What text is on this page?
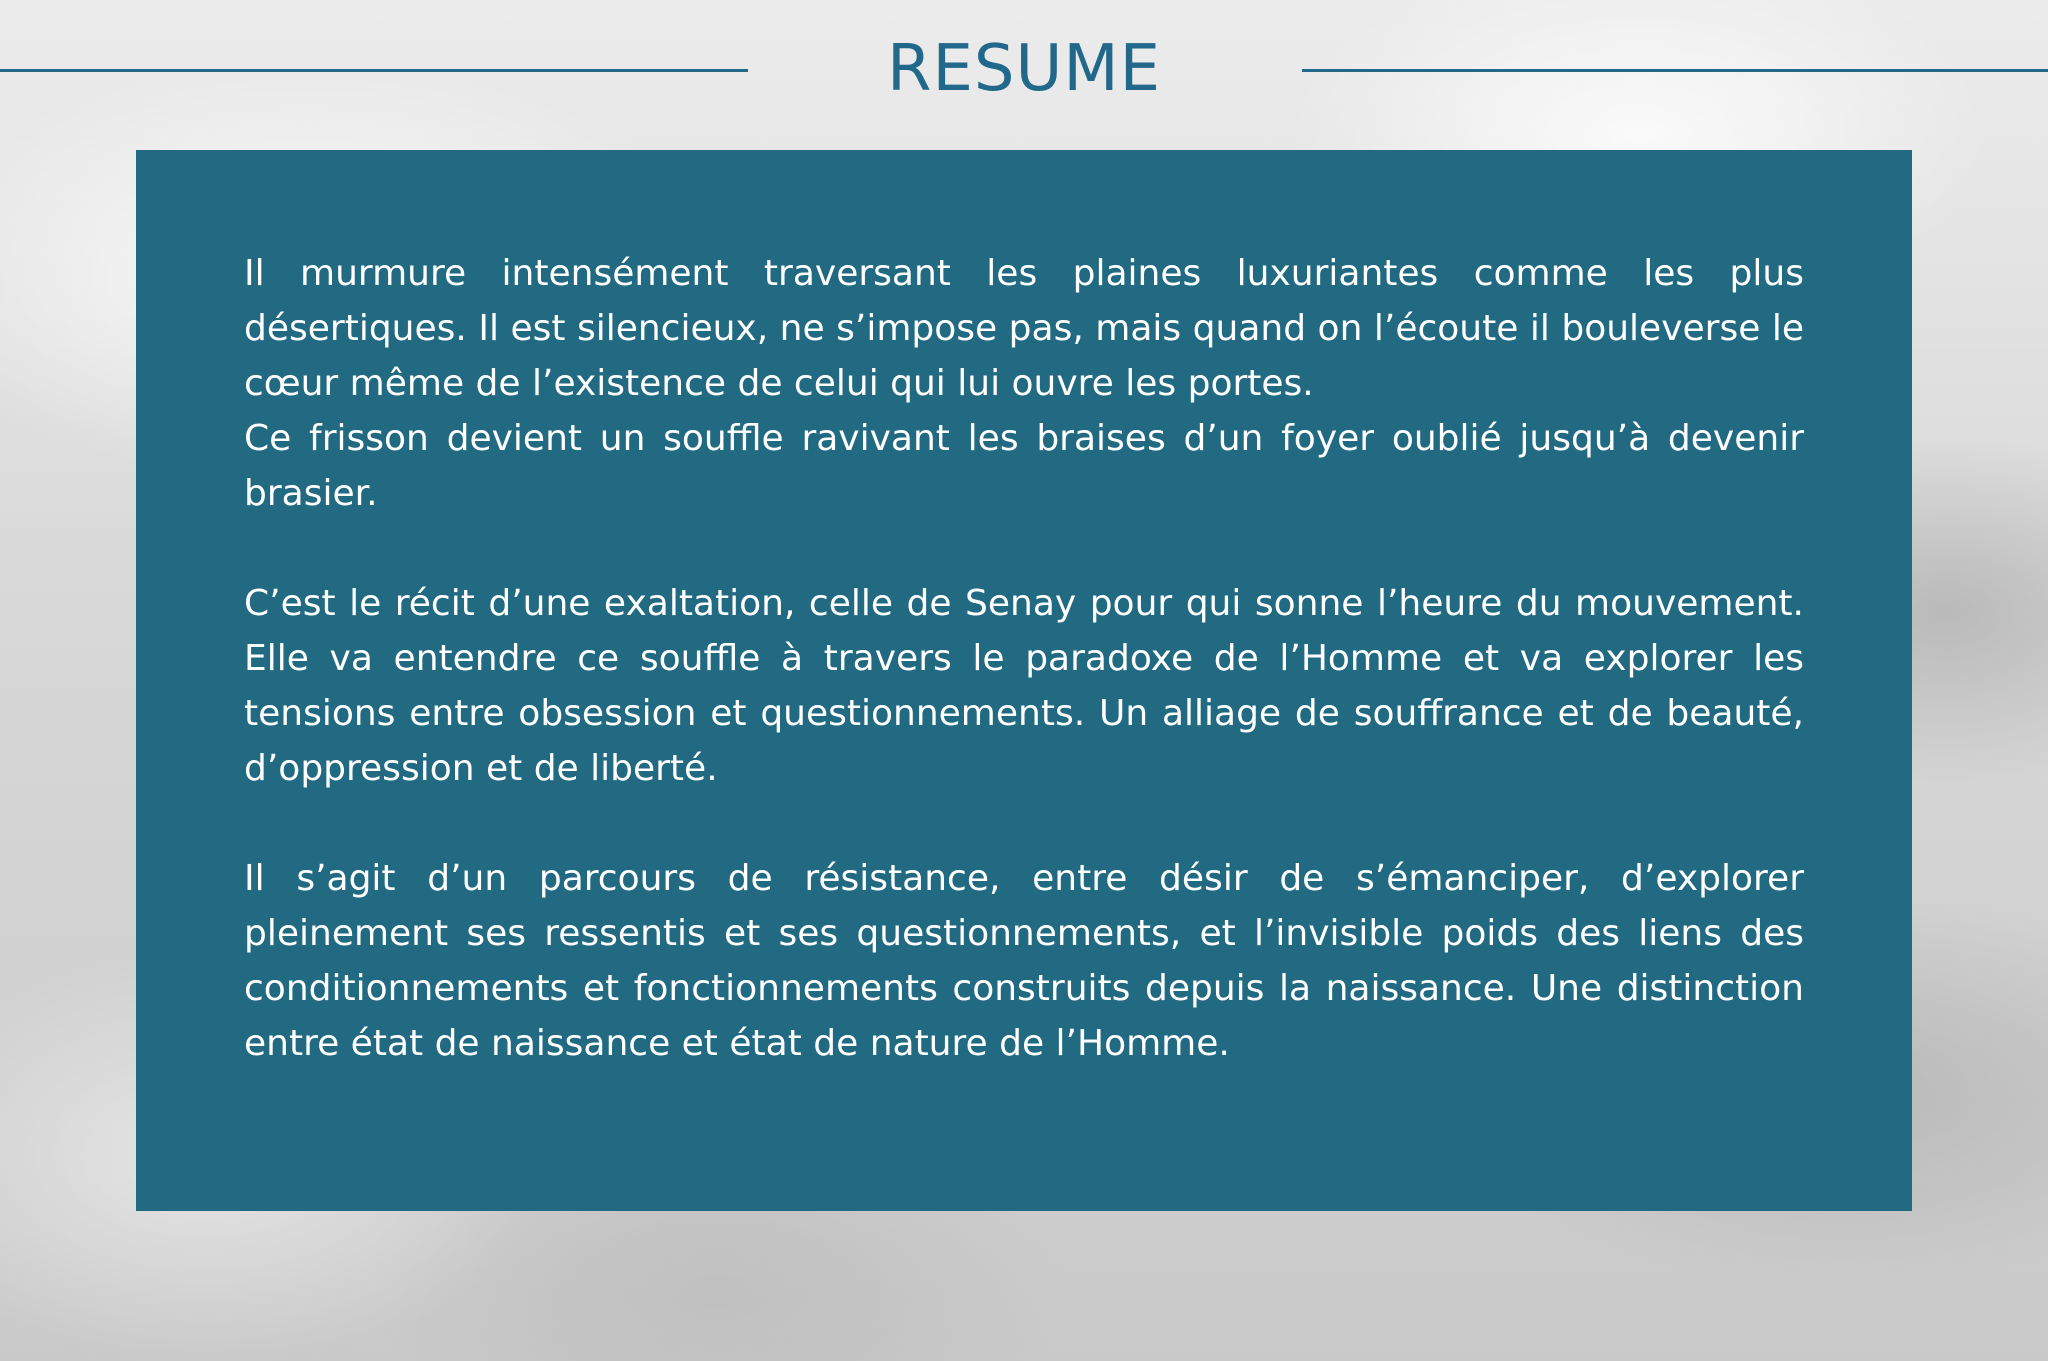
RESUME

Il murmure intensément traversant les plaines luxuriantes comme les plus désertiques. Il est silencieux, ne s’impose pas, mais quand on l’écoute il bouleverse le cœur même de l’existence de celui qui lui ouvre les portes.

Ce frisson devient un souffle ravivant les braises d’un foyer oublié jusqu’à devenir brasier.

C’est le récit d’une exaltation, celle de Senay pour qui sonne l’heure du mouvement. Elle va entendre ce souffle à travers le paradoxe de l’Homme et va explorer les tensions entre obsession et questionnements. Un alliage de souffrance et de beauté, d’oppression et de liberté.

Il s’agit d’un parcours de résistance, entre désir de s’émanciper, d’explorer pleinement ses ressentis et ses questionnements, et l’invisible poids des liens des conditionnements et fonctionnements construits depuis la naissance. Une distinction entre état de naissance et état de nature de l’Homme.
